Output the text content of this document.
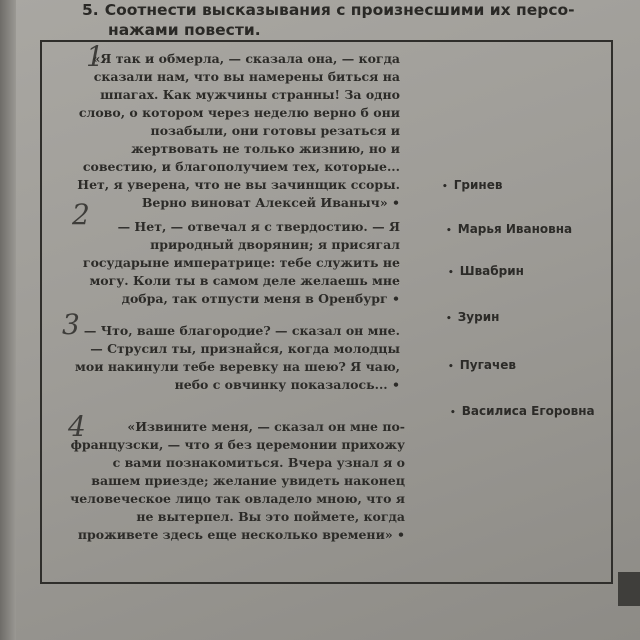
5. Соотнести высказывания с произнесшими их персо-
нажами повести.
1
2
3
4
«Я так и обмерла, — сказала она, — когда сказали нам, что вы намерены биться на шпагах. Как мужчины странны! За одно слово, о котором через неделю верно б они позабыли, они готовы резаться и жертвовать не только жизнию, но и совестию, и благополучием тех, которые... Нет, я уверена, что не вы зачинщик ссоры. Верно виноват Алексей Иваныч» •
— Нет, — отвечал я с твердостию. — Я природный дворянин; я присягал государыне императрице: тебе служить не могу. Коли ты в самом деле желаешь мне добра, так отпусти меня в Оренбург •
— Что, ваше благородие? — сказал он мне. — Струсил ты, признайся, когда молодцы мои накинули тебе веревку на шею? Я чаю, небо с овчинку показалось... •
«Извините меня, — сказал он мне по-французски, — что я без церемонии прихожу с вами познакомиться. Вчера узнал я о вашем приезде; желание увидеть наконец человеческое лицо так овладело мною, что я не вытерпел. Вы это поймете, когда проживете здесь еще несколько времени» •
• Гринев
• Марья Ивановна
• Швабрин
• Зурин
• Пугачев
• Василиса Егоровна
